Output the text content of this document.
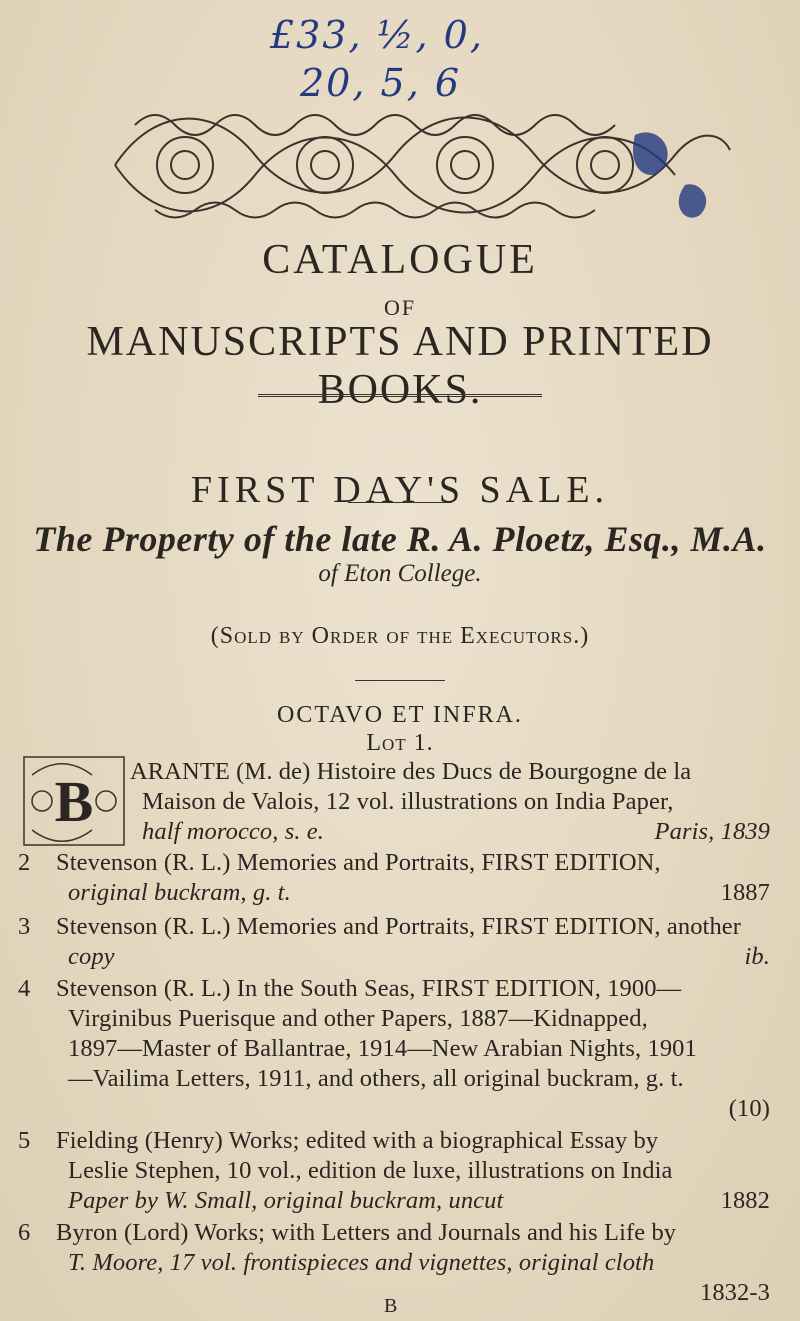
£33, ½, 0,
20, 5, 6
CATALOGUE
OF
MANUSCRIPTS AND PRINTED BOOKS.
FIRST DAY'S SALE.
The Property of the late R. A. Ploetz, Esq., M.A.
of Eton College.
(Sold by Order of the Executors.)
OCTAVO ET INFRA.
Lot 1.
B ARANTE (M. de) Histoire des Ducs de Bourgogne de la
Maison de Valois, 12 vol. illustrations on India Paper,
half morocco, s. e.	Paris, 1839
2 Stevenson (R. L.) Memories and Portraits, FIRST EDITION,
original buckram, g. t.	1887
3 Stevenson (R. L.) Memories and Portraits, FIRST EDITION, another
copy	ib.
4 Stevenson (R. L.) In the South Seas, FIRST EDITION, 1900—
Virginibus Puerisque and other Papers, 1887—Kidnapped,
1897—Master of Ballantrae, 1914—New Arabian Nights, 1901
—Vailima Letters, 1911, and others, all original buckram, g. t.
(10)
5 Fielding (Henry) Works; edited with a biographical Essay by
Leslie Stephen, 10 vol., edition de luxe, illustrations on India
Paper by W. Small, original buckram, uncut	1882
6 Byron (Lord) Works; with Letters and Journals and his Life by
T. Moore, 17 vol. frontispieces and vignettes, original cloth
1832-3
B
